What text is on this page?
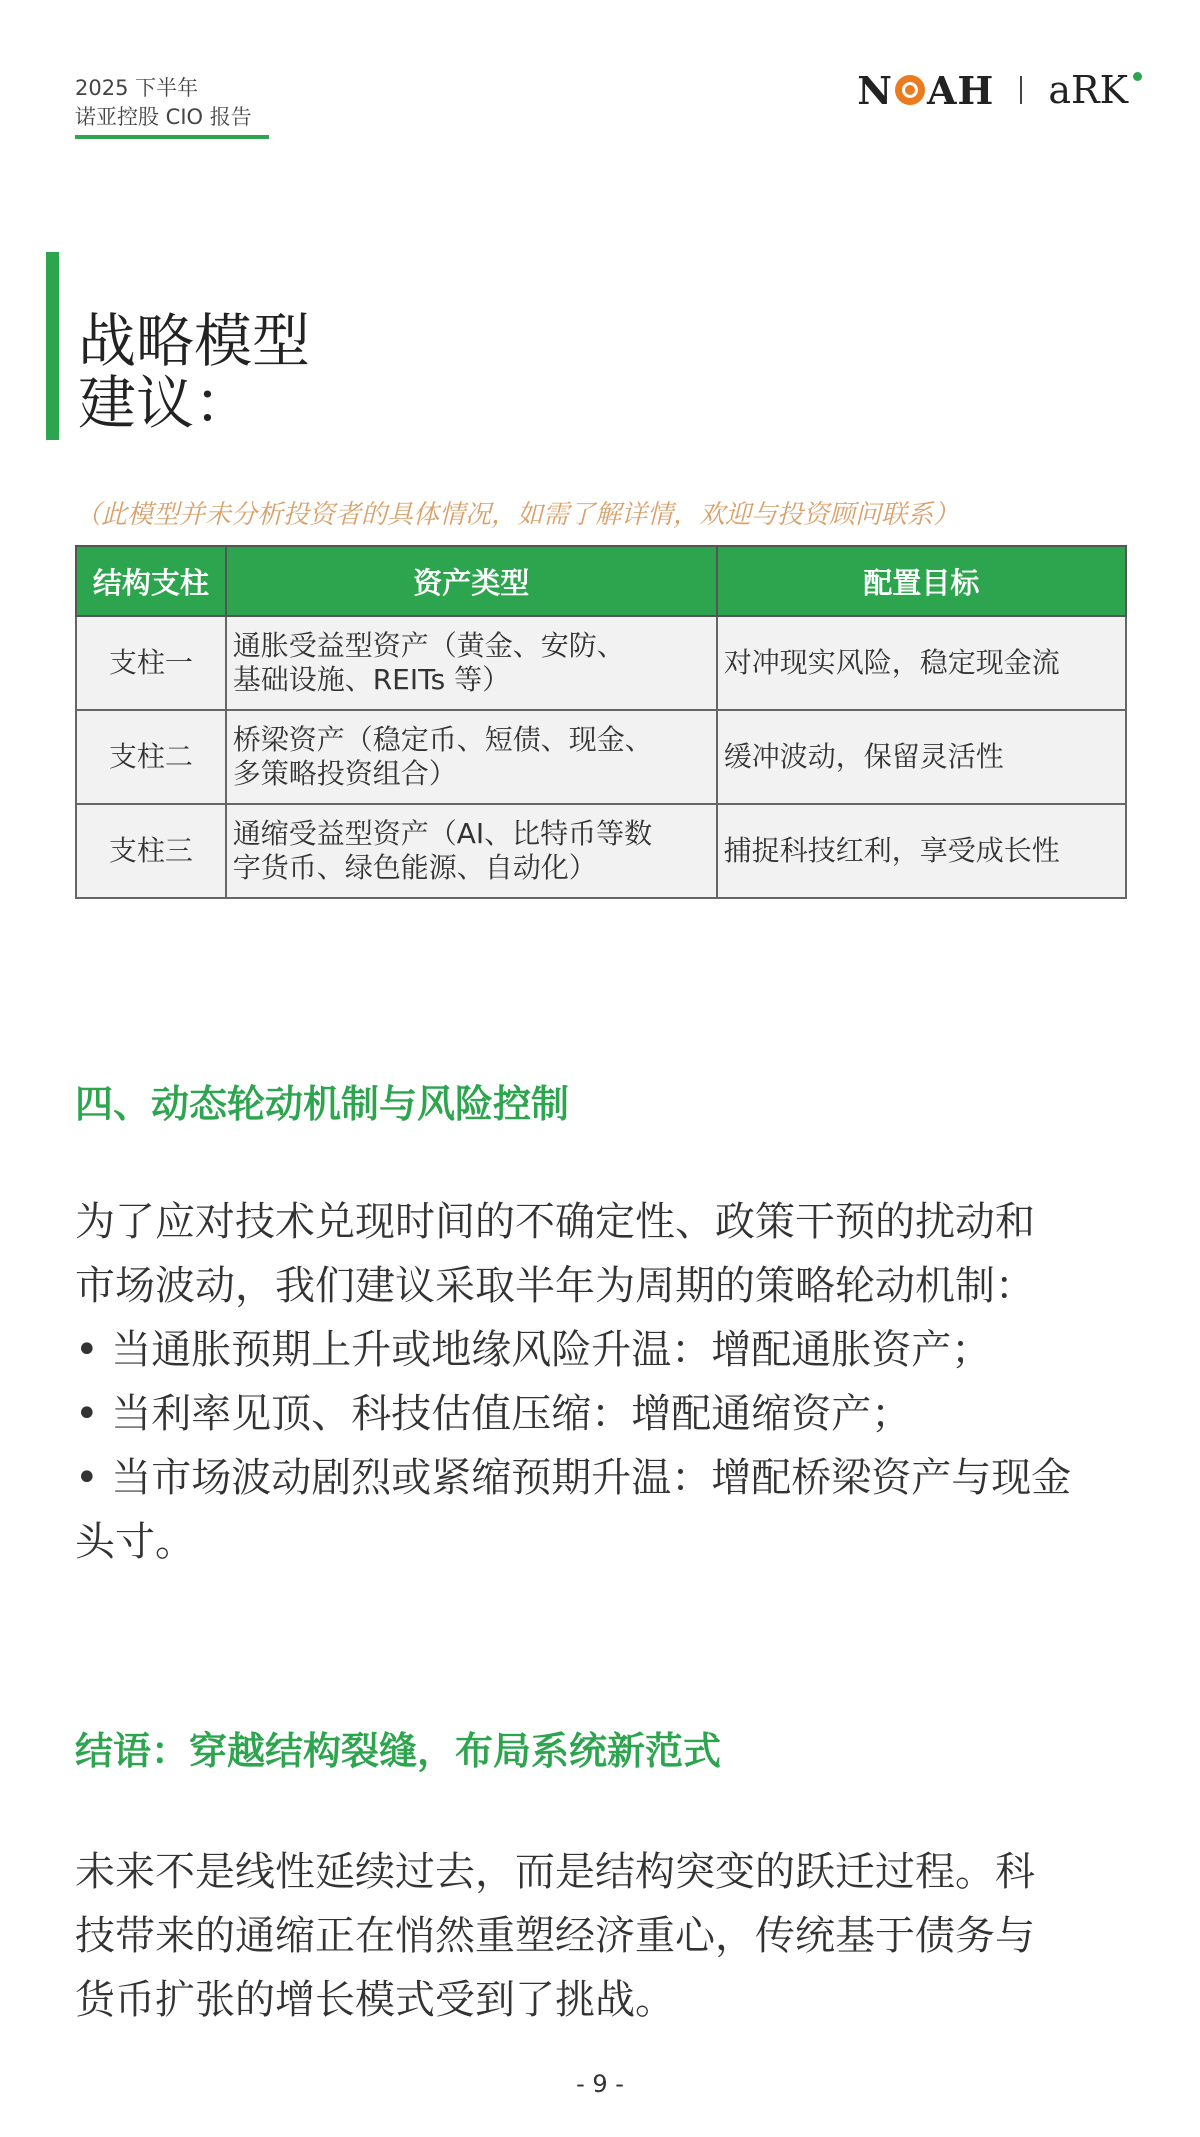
2025 下半年
诺亚控股 CIO 报告
N AH aRK
战略模型
建议：
（此模型并未分析投资者的具体情况，如需了解详情，欢迎与投资顾问联系）
结构支柱	资产类型	配置目标
支柱一	通胀受益型资产（黄金、安防、
基础设施、REITs 等）	对冲现实风险，稳定现金流
支柱二	桥梁资产（稳定币、短债、现金、
多策略投资组合）	缓冲波动，保留灵活性
支柱三	通缩受益型资产（AI、比特币等数
字货币、绿色能源、自动化）	捕捉科技红利，享受成长性
四、动态轮动机制与风险控制
为了应对技术兑现时间的不确定性、政策干预的扰动和
市场波动，我们建议采取半年为周期的策略轮动机制：
• 当通胀预期上升或地缘风险升温：增配通胀资产；
• 当利率见顶、科技估值压缩：增配通缩资产；
• 当市场波动剧烈或紧缩预期升温：增配桥梁资产与现金
头寸。
结语：穿越结构裂缝，布局系统新范式
未来不是线性延续过去，而是结构突变的跃迁过程。科
技带来的通缩正在悄然重塑经济重心，传统基于债务与
货币扩张的增长模式受到了挑战。
- 9 -
